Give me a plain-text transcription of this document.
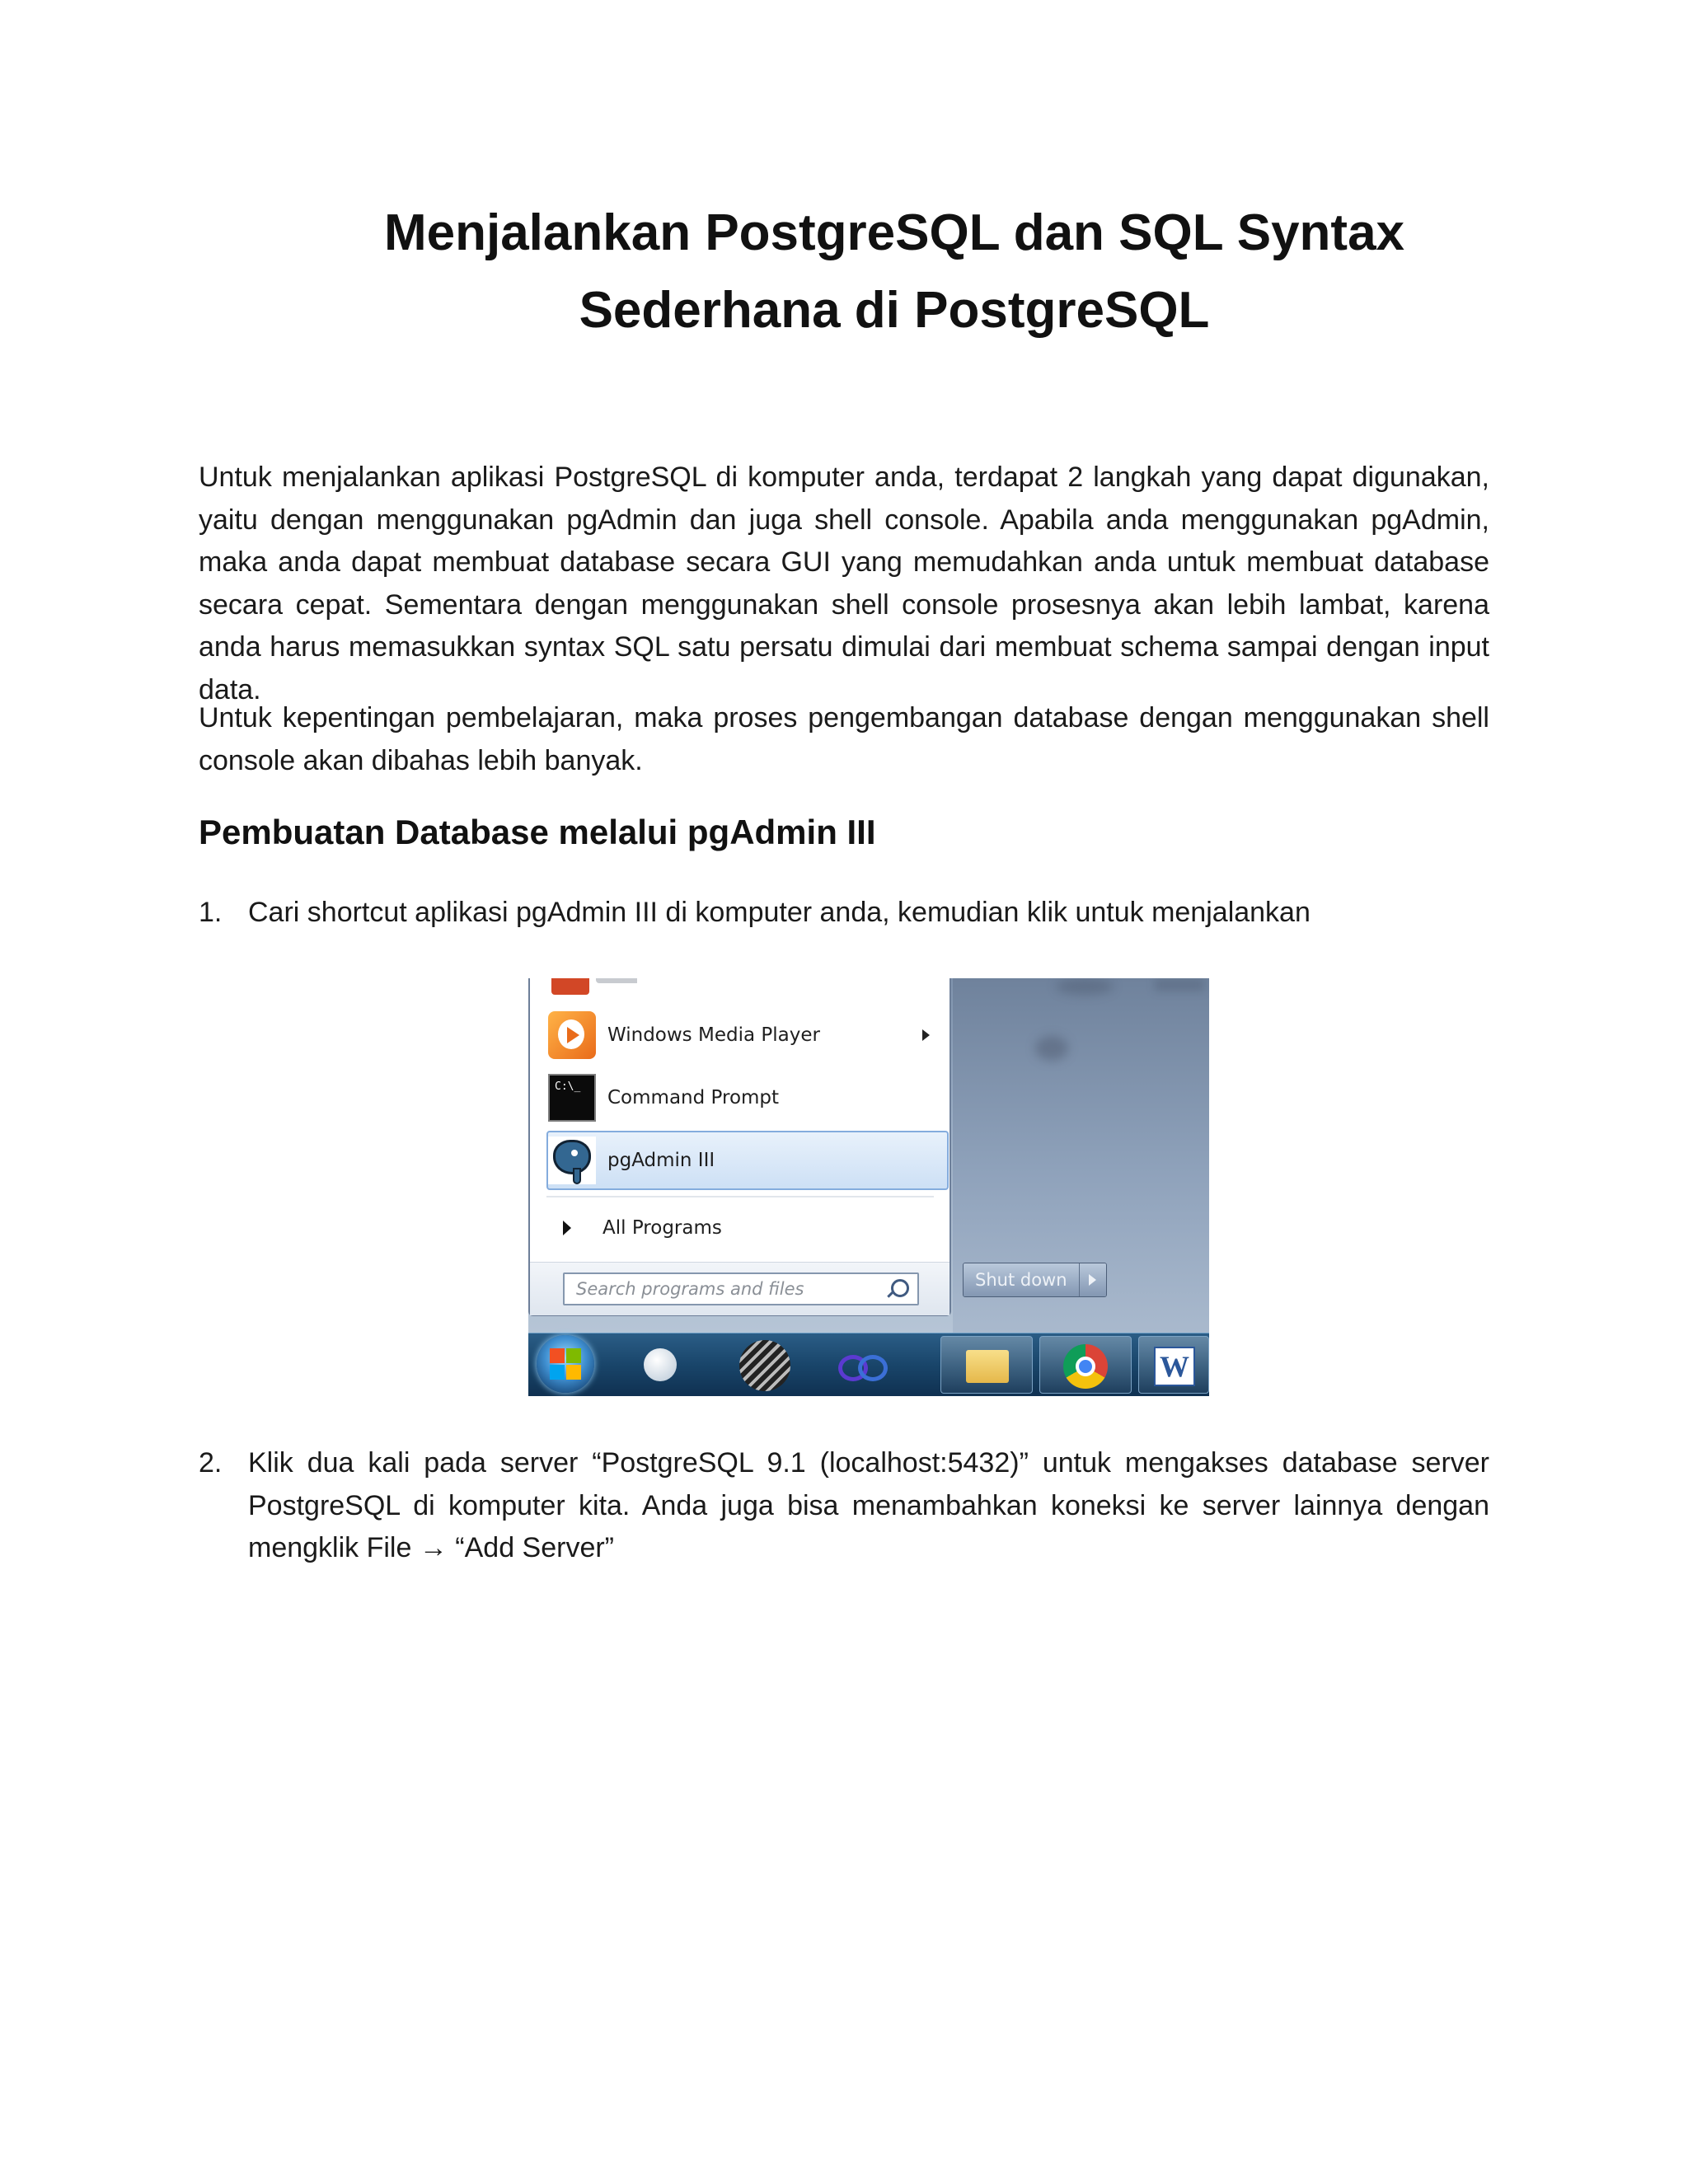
Menjalankan PostgreSQL dan SQL Syntax
Sederhana di PostgreSQL
Untuk menjalankan aplikasi PostgreSQL di komputer anda, terdapat 2 langkah yang dapat digunakan, yaitu dengan menggunakan pgAdmin dan juga shell console. Apabila anda menggunakan pgAdmin, maka anda dapat membuat database secara GUI yang memudahkan anda untuk membuat database secara cepat. Sementara dengan menggunakan shell console prosesnya akan lebih lambat, karena anda harus memasukkan syntax SQL satu persatu dimulai dari membuat schema sampai dengan input data.
Untuk kepentingan pembelajaran, maka proses pengembangan database dengan menggunakan shell console akan dibahas lebih banyak.
Pembuatan Database melalui pgAdmin III
1. Cari shortcut aplikasi pgAdmin III di komputer anda, kemudian klik untuk menjalankan
Windows Media Player
C:\_
Command Prompt
pgAdmin III
All Programs
Search programs and files	Shut down
W
2. Klik dua kali pada server “PostgreSQL 9.1 (localhost:5432)” untuk mengakses database server PostgreSQL di komputer kita. Anda juga bisa menambahkan koneksi ke server lainnya dengan mengklik File → “Add Server”
